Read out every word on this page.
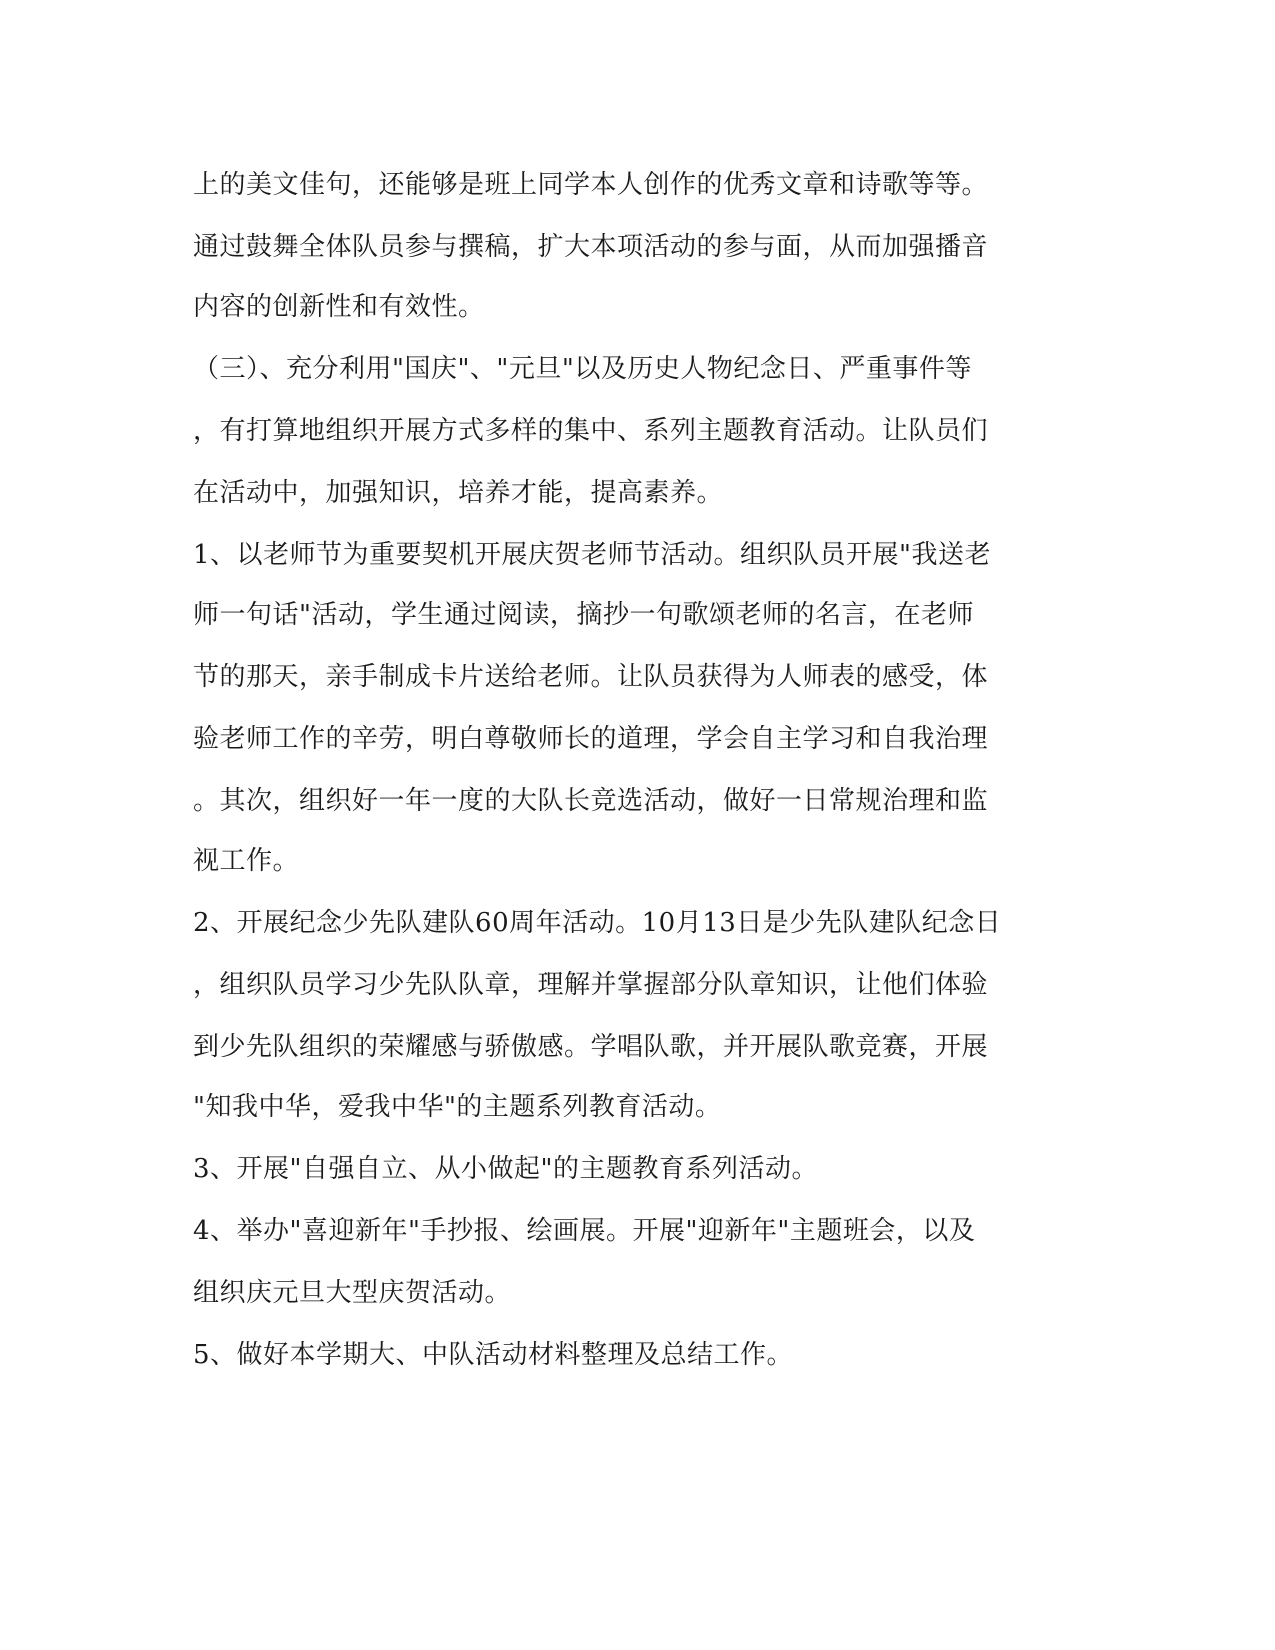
上的美文佳句，还能够是班上同学本人创作的优秀文章和诗歌等等。

通过鼓舞全体队员参与撰稿，扩大本项活动的参与面，从而加强播音

内容的创新性和有效性。

（三）、充分利用"国庆"、"元旦"以及历史人物纪念日、严重事件等

，有打算地组织开展方式多样的集中、系列主题教育活动。让队员们

在活动中，加强知识，培养才能，提高素养。

1、以老师节为重要契机开展庆贺老师节活动。组织队员开展"我送老

师一句话"活动，学生通过阅读，摘抄一句歌颂老师的名言，在老师

节的那天，亲手制成卡片送给老师。让队员获得为人师表的感受，体

验老师工作的辛劳，明白尊敬师长的道理，学会自主学习和自我治理

。其次，组织好一年一度的大队长竞选活动，做好一日常规治理和监

视工作。

2、开展纪念少先队建队60周年活动。10月13日是少先队建队纪念日

，组织队员学习少先队队章，理解并掌握部分队章知识，让他们体验

到少先队组织的荣耀感与骄傲感。学唱队歌，并开展队歌竞赛，开展

"知我中华，爱我中华"的主题系列教育活动。

3、开展"自强自立、从小做起"的主题教育系列活动。

4、举办"喜迎新年"手抄报、绘画展。开展"迎新年"主题班会，以及

组织庆元旦大型庆贺活动。

5、做好本学期大、中队活动材料整理及总结工作。
